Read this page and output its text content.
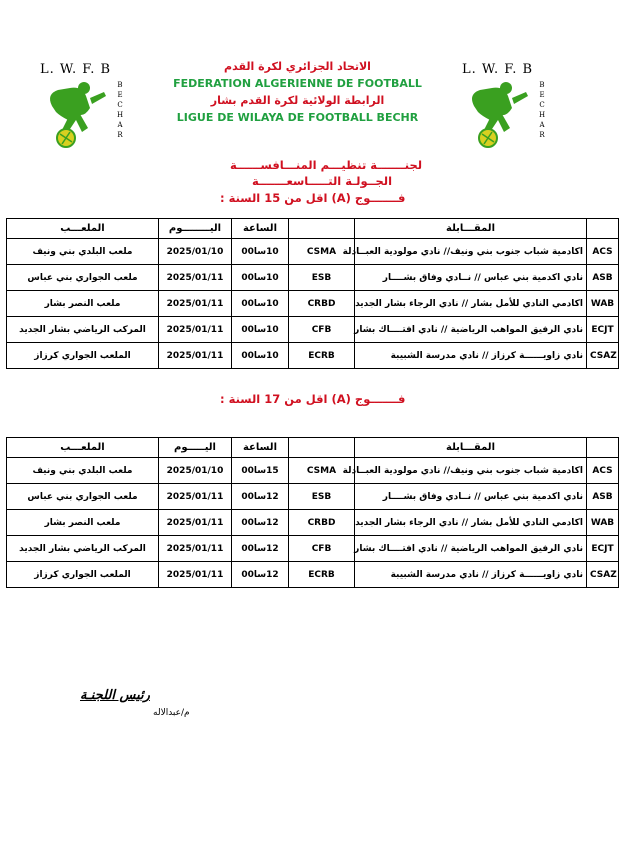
L. W. F. B
B
E
C
H
A
R
L. W. F. B
B
E
C
H
A
R
الاتحاد الجزائري لكرة القدم
FEDERATION ALGERIENNE DE FOOTBALL
الرابطة الولائية لكرة القدم بشار
LIGUE DE WILAYA DE FOOTBALL BECHR
لجنـــــــة تنظيـــم المنـــافســــــة
الجــولـة التـــــاسعـــــــة
فـــــــوج (A) اقل من 15 السنة :
الملعـــب	اليــــــــوم	الساعة		المقـــابلة	
ملعب البلدي بني ونيف	2025/01/10	10سا00	CSMA	اكادمية شباب جنوب بني ونيف// نادي مولودية العبــادلة	ACS
ملعب الجواري بني عباس	2025/01/11	10سا00	ESB	نادي اكدمية بني عباس // نــادي وفاق بشــــار	ASB
ملعب النصر بشار	2025/01/11	10سا00	CRBD	اكادمي النادي للأمل بشار // نادي الرجاء بشار الجديد	WAB
المركب الرياضي بشار الجديد	2025/01/11	10سا00	CFB	نادي الرفيق المواهب الرياضية // نادي افتــــاك بشار	ECJT
الملعب الجواري كرزاز	2025/01/11	10سا00	ECRB	نادي زاويــــــة كرزاز // نادي مدرسة الشبيبة	CSAZ
فـــــــوج (A) اقل من 17 السنة :
الملعـــب	اليـــــوم	الساعة		المقـــابلة	
ملعب البلدي بني ونيف	2025/01/10	15سا00	CSMA	اكادمية شباب جنوب بني ونيف// نادي مولودية العبــادلة	ACS
ملعب الجواري بني عباس	2025/01/11	12سا00	ESB	نادي اكدمية بني عباس // نــادي وفاق بشــــار	ASB
ملعب النصر بشار	2025/01/11	12سا00	CRBD	اكادمي النادي للأمل بشار // نادي الرجاء بشار الجديد	WAB
المركب الرياضي بشار الجديد	2025/01/11	12سا00	CFB	نادي الرفيق المواهب الرياضية // نادي افتــــاك بشار	ECJT
الملعب الجواري كرزاز	2025/01/11	12سا00	ECRB	نادي زاويــــــة كرزاز // نادي مدرسة الشبيبة	CSAZ
رئيس اللجنـة
م/عبدالاله
